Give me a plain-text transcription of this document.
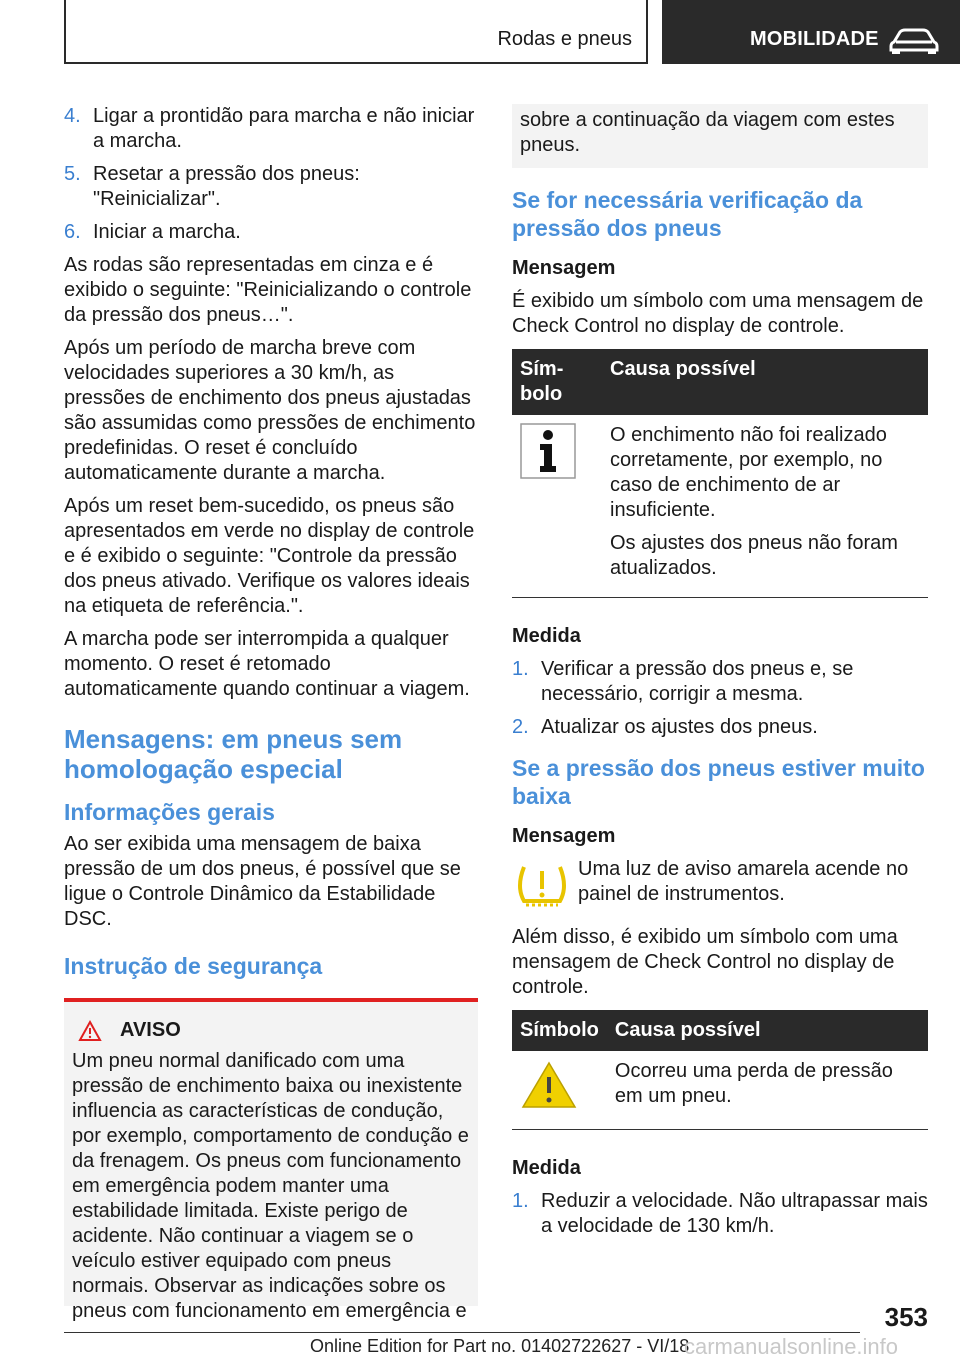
Rodas e pneus	MOBILIDADE
4. Ligar a prontidão para marcha e não iniciar a marcha.
5. Resetar a pressão dos pneus: "Reinicializar".
6. Iniciar a marcha.

As rodas são representadas em cinza e é exibido o seguinte: "Reinicializando o controle da pressão dos pneus…".

Após um período de marcha breve com velocidades superiores a 30 km/h, as pressões de enchimento dos pneus ajustadas são assumidas como pressões de enchimento predefinidas. O reset é concluído automaticamente durante a marcha.

Após um reset bem-sucedido, os pneus são apresentados em verde no display de controle e é exibido o seguinte: "Controle da pressão dos pneus ativado. Verifique os valores ideais na etiqueta de referência.".

A marcha pode ser interrompida a qualquer momento. O reset é retomado automaticamente quando continuar a viagem.

Mensagens: em pneus sem homologação especial
Informações gerais

Ao ser exibida uma mensagem de baixa pressão de um dos pneus, é possível que se ligue o Controle Dinâmico da Estabilidade DSC.

Instrução de segurança
AVISO
Um pneu normal danificado com uma pressão de enchimento baixa ou inexistente influencia as características de condução, por exemplo, comportamento de condução e da frenagem. Os pneus com funcionamento em emergência podem manter uma estabilidade limitada. Existe perigo de acidente. Não continuar a viagem se o veículo estiver equipado com pneus normais. Observar as indicações sobre os pneus com funcionamento em emergência e
sobre a continuação da viagem com estes pneus.
Se for necessária verificação da pressão dos pneus
Mensagem

É exibido um símbolo com uma mensagem de Check Control no display de controle.

Símbolo	Causa possível

O enchimento não foi realizado corretamente, por exemplo, no caso de enchimento de ar insuficiente.

Os ajustes dos pneus não foram atualizados.

Medida
1. Verificar a pressão dos pneus e, se necessário, corrigir a mesma.
2. Atualizar os ajustes dos pneus.
Se a pressão dos pneus estiver muito baixa
Mensagem
Uma luz de aviso amarela acende no painel de instrumentos.

Além disso, é exibido um símbolo com uma mensagem de Check Control no display de controle.

Símbolo	Causa possível
	Ocorreu uma perda de pressão em um pneu.
Medida
1. Reduzir a velocidade. Não ultrapassar mais a velocidade de 130 km/h.
353
Online Edition for Part no. 01402722627 - VI/18
carmanualsonline.info
